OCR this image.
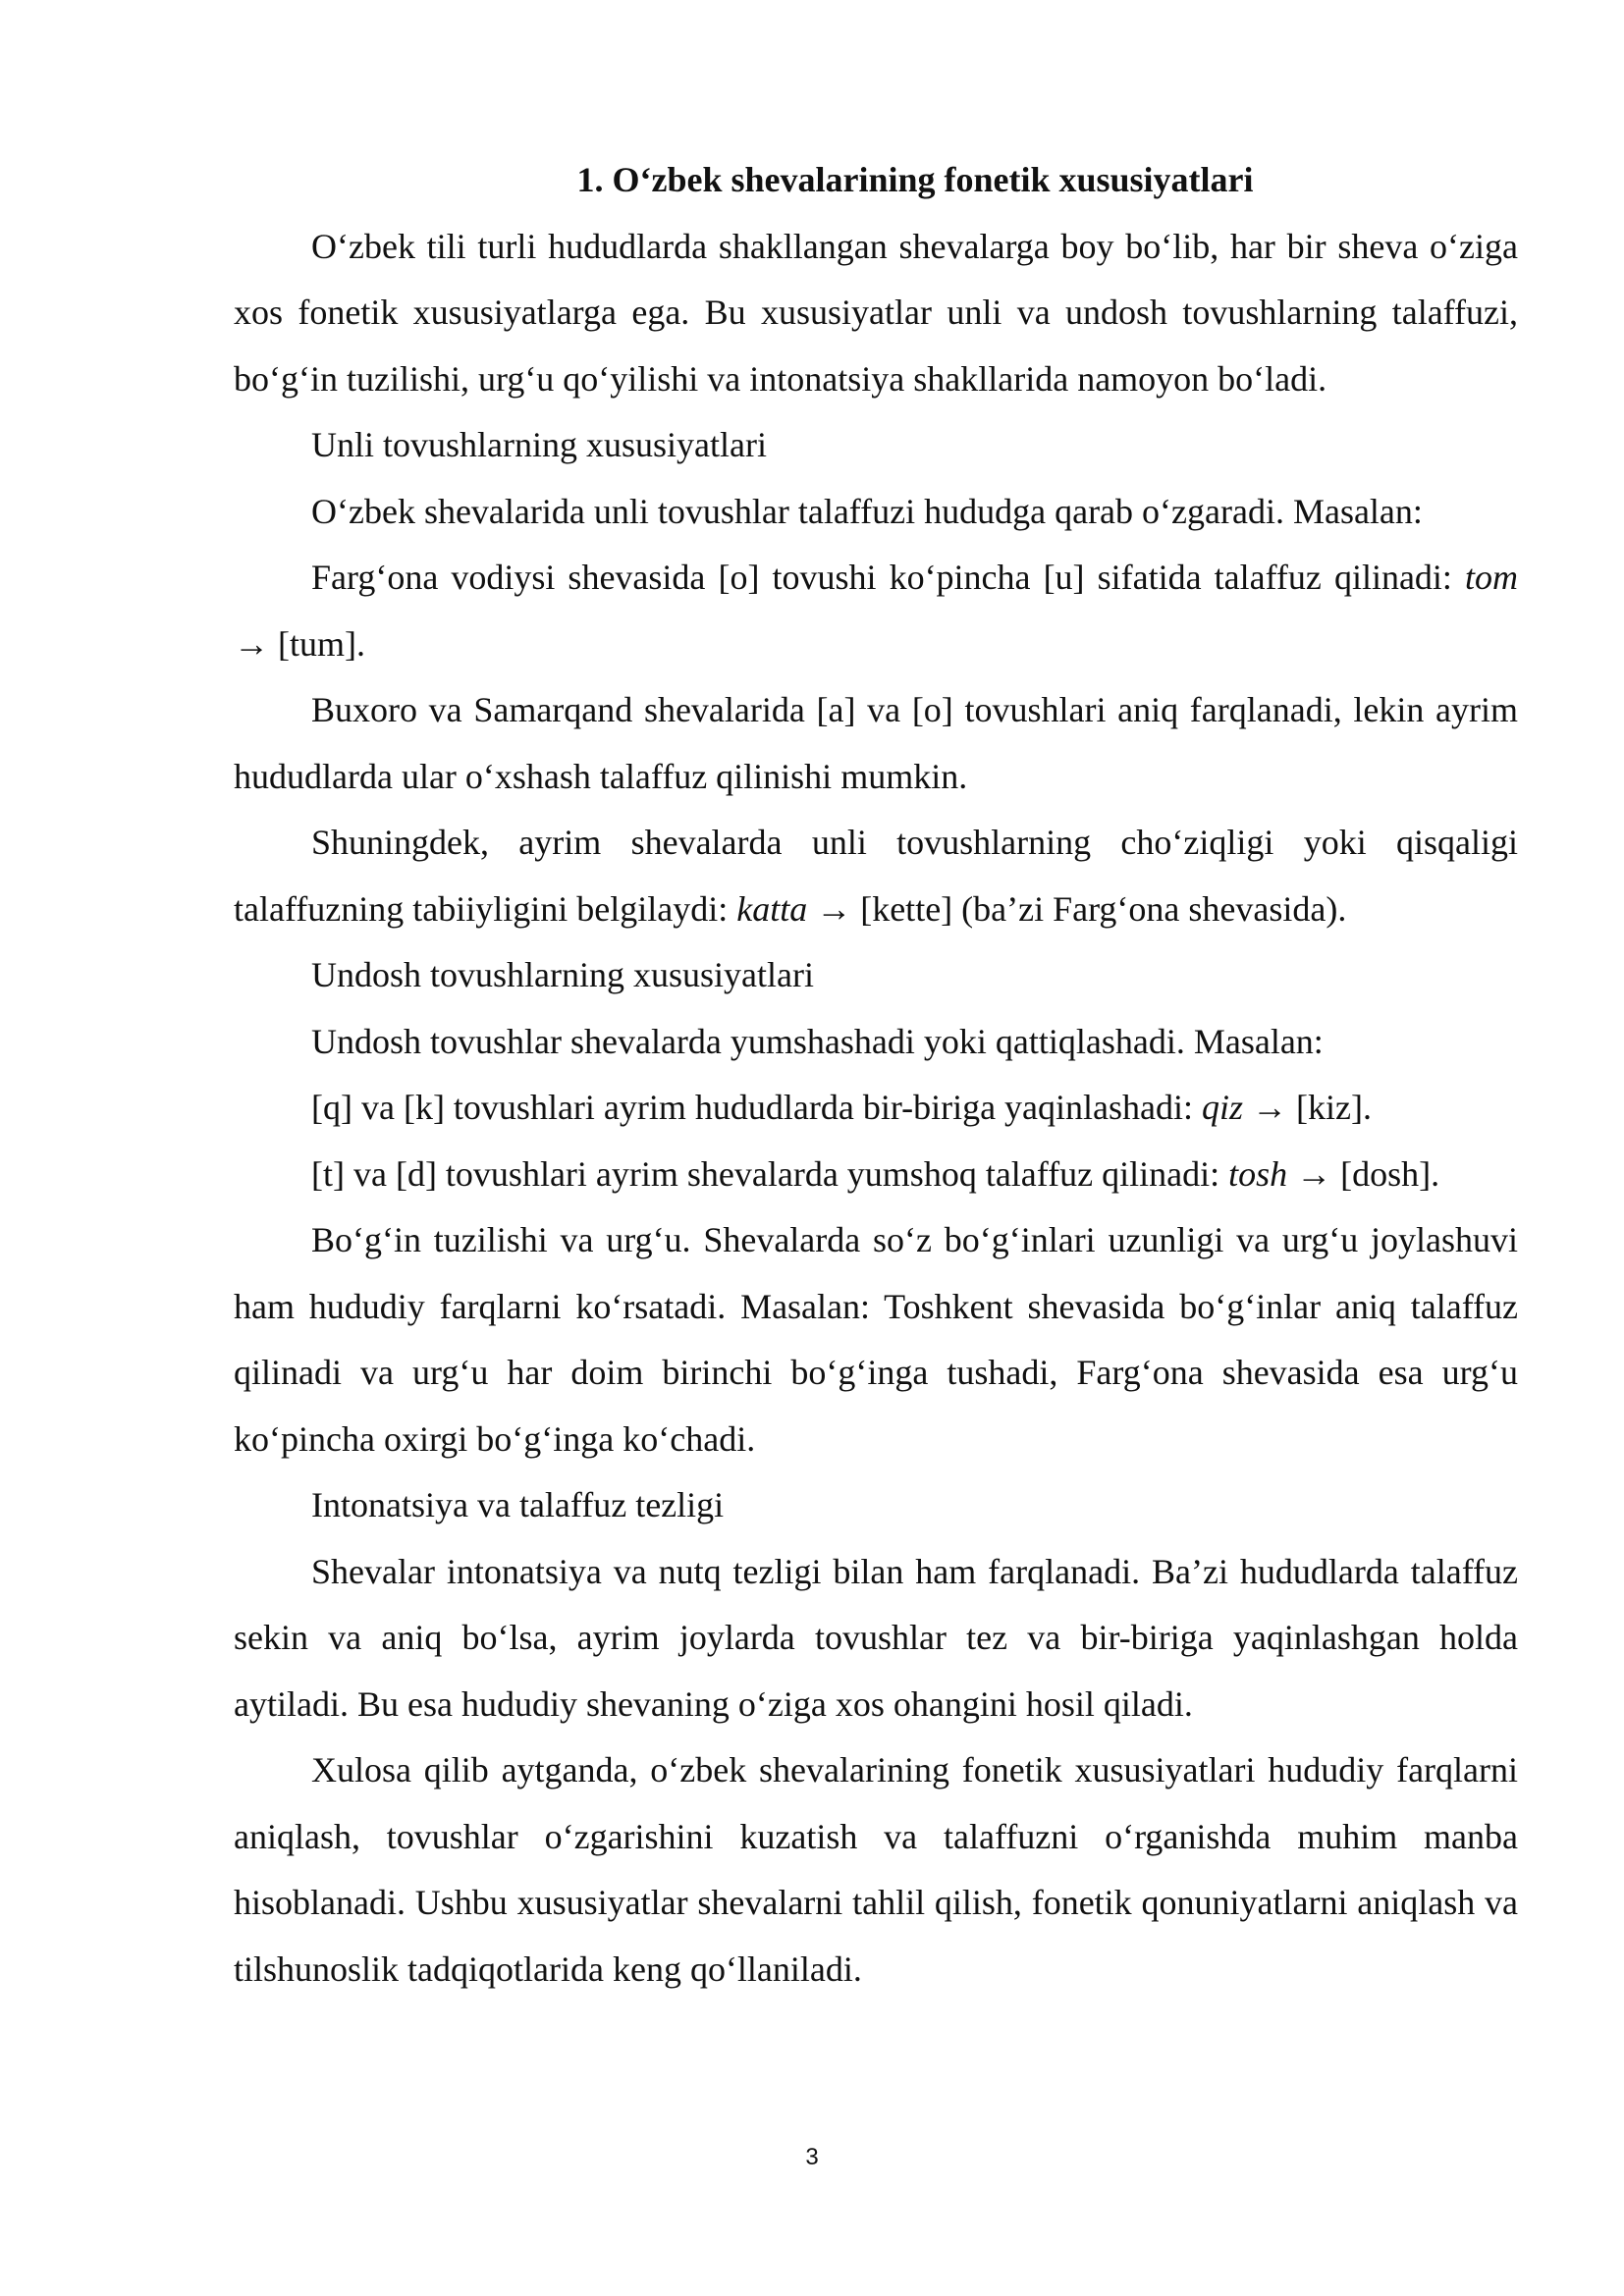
1. O‘zbek shevalarining fonetik xususiyatlari

O‘zbek tili turli hududlarda shakllangan shevalarga boy bo‘lib, har bir sheva o‘ziga xos fonetik xususiyatlarga ega. Bu xususiyatlar unli va undosh tovushlarning talaffuzi, bo‘g‘in tuzilishi, urg‘u qo‘yilishi va intonatsiya shakllarida namoyon bo‘ladi.

Unli tovushlarning xususiyatlari

O‘zbek shevalarida unli tovushlar talaffuzi hududga qarab o‘zgaradi. Masalan:

Farg‘ona vodiysi shevasida [o] tovushi ko‘pincha [u] sifatida talaffuz qilinadi: tom → [tum].

Buxoro va Samarqand shevalarida [a] va [o] tovushlari aniq farqlanadi, lekin ayrim hududlarda ular o‘xshash talaffuz qilinishi mumkin.

Shuningdek, ayrim shevalarda unli tovushlarning cho‘ziqligi yoki qisqaligi talaffuzning tabiiyligini belgilaydi: katta → [kette] (ba’zi Farg‘ona shevasida).

Undosh tovushlarning xususiyatlari

Undosh tovushlar shevalarda yumshashadi yoki qattiqlashadi. Masalan:

[q] va [k] tovushlari ayrim hududlarda bir-biriga yaqinlashadi: qiz → [kiz].

[t] va [d] tovushlari ayrim shevalarda yumshoq talaffuz qilinadi: tosh → [dosh].

Bo‘g‘in tuzilishi va urg‘u. Shevalarda so‘z bo‘g‘inlari uzunligi va urg‘u joylashuvi ham hududiy farqlarni ko‘rsatadi. Masalan: Toshkent shevasida bo‘g‘inlar aniq talaffuz qilinadi va urg‘u har doim birinchi bo‘g‘inga tushadi, Farg‘ona shevasida esa urg‘u ko‘pincha oxirgi bo‘g‘inga ko‘chadi.

Intonatsiya va talaffuz tezligi

Shevalar intonatsiya va nutq tezligi bilan ham farqlanadi. Ba’zi hududlarda talaffuz sekin va aniq bo‘lsa, ayrim joylarda tovushlar tez va bir-biriga yaqinlashgan holda aytiladi. Bu esa hududiy shevaning o‘ziga xos ohangini hosil qiladi.

Xulosa qilib aytganda, o‘zbek shevalarining fonetik xususiyatlari hududiy farqlarni aniqlash, tovushlar o‘zgarishini kuzatish va talaffuzni o‘rganishda muhim manba hisoblanadi. Ushbu xususiyatlar shevalarni tahlil qilish, fonetik qonuniyatlarni aniqlash va tilshunoslik tadqiqotlarida keng qo‘llaniladi.

3
